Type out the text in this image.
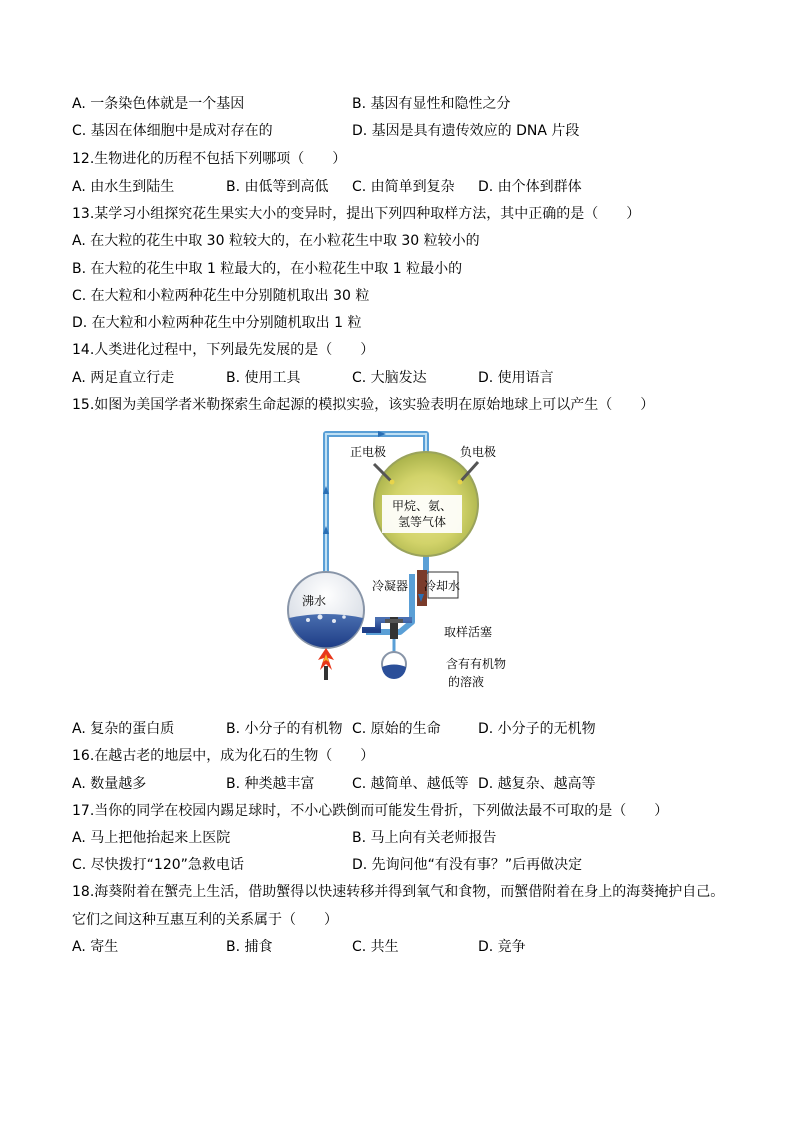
A. 一条染色体就是一个基因	B. 基因有显性和隐性之分
C. 基因在体细胞中是成对存在的	D. 基因是具有遗传效应的 DNA 片段
12.生物进化的历程不包括下列哪项（　　）
A. 由水生到陆生	B. 由低等到高低 C. 由简单到复杂 D. 由个体到群体
13.某学习小组探究花生果实大小的变异时，提出下列四种取样方法，其中正确的是（　　）
A. 在大粒的花生中取 30 粒较大的，在小粒花生中取 30 粒较小的
B. 在大粒的花生中取 1 粒最大的，在小粒花生中取 1 粒最小的
C. 在大粒和小粒两种花生中分别随机取出 30 粒
D. 在大粒和小粒两种花生中分别随机取出 1 粒
14.人类进化过程中，下列最先发展的是（　　）
A. 两足直立行走	B. 使用工具	C. 大脑发达	D. 使用语言
15.如图为美国学者米勒探索生命起源的模拟实验，该实验表明在原始地球上可以产生（　　）
甲烷、氨、
氢等气体
正电极	负电极
冷却水
冷凝器
沸水
取样活塞
含有有机物
的溶液
A. 复杂的蛋白质	B. 小分子的有机物 C. 原始的生命	D. 小分子的无机物
16.在越古老的地层中，成为化石的生物（　　）
A. 数量越多	B. 种类越丰富	C. 越简单、越低等 D. 越复杂、越高等
17.当你的同学在校园内踢足球时，不小心跌倒而可能发生骨折，下列做法最不可取的是（　　）
A. 马上把他抬起来上医院	B. 马上向有关老师报告
C. 尽快拨打“120”急救电话	D. 先询问他“有没有事？”后再做决定
18.海葵附着在蟹壳上生活，借助蟹得以快速转移并得到氧气和食物，而蟹借附着在身上的海葵掩护自己。
它们之间这种互惠互利的关系属于（　　）
A. 寄生	B. 捕食	C. 共生	D. 竞争
